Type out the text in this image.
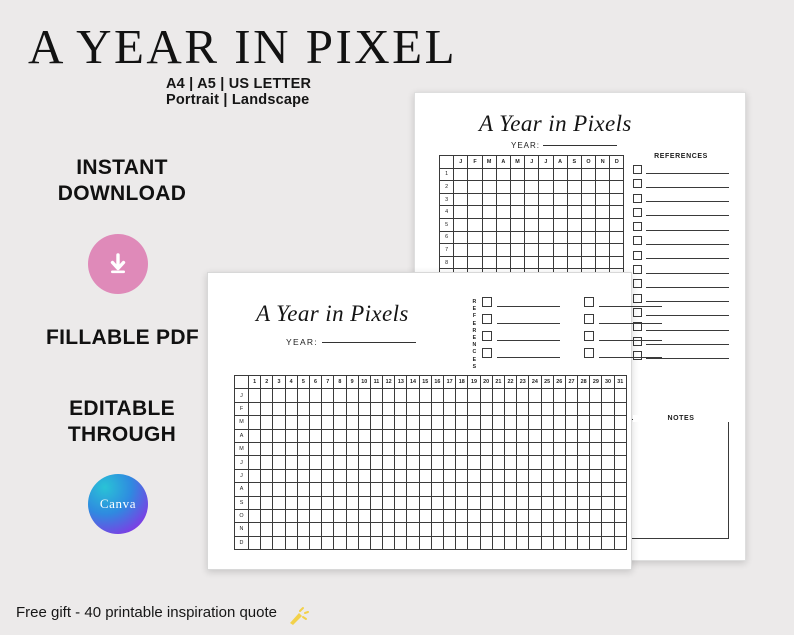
A YEAR IN PIXEL
A4 | A5 | US LETTER
Portrait | Landscape
INSTANT DOWNLOAD
FILLABLE PDF
EDITABLE
THROUGH
Canva
Free gift - 40 printable inspiration quote
A Year in Pixels
YEAR:
	J	F	M	A	M	J	J	A	S	O	N	D
1												
2												
3												
4												
5												
6												
7												
8												

REFERENCES
NOTES
A Year in Pixels
YEAR:
R
E
F
E
R
E
N
C
E
S
	1	2	3	4	5	6	7	8	9	10	11	12	13	14	15	16	17	18	19	20	21	22	23	24	25	26	27	28	29	30	31
J																															
F																															
M																															
A																															
M																															
J																															
J																															
A																															
S																															
O																															
N																															
D																															
